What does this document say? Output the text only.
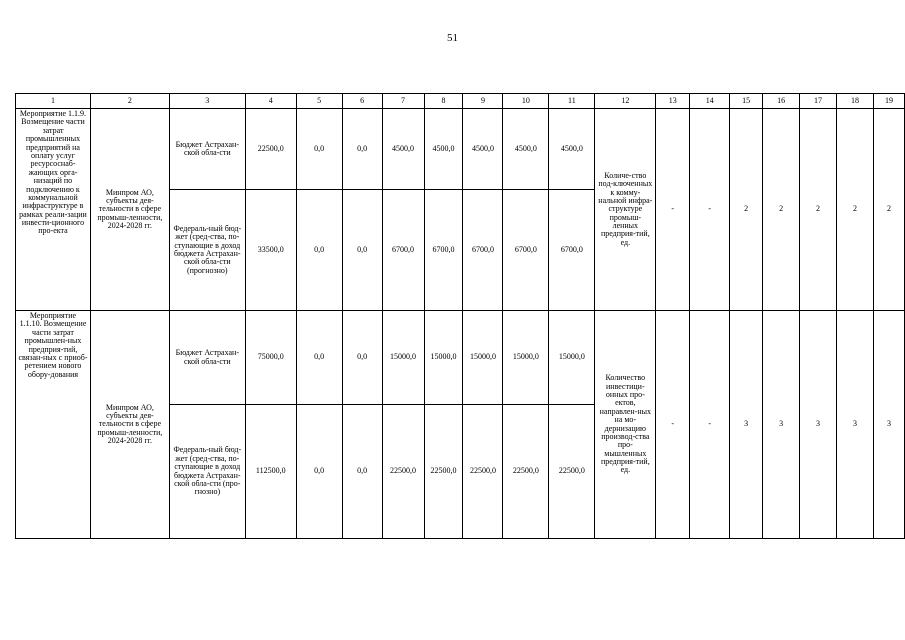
51
1	2	3	4	5	6	7	8	9	10	11	12	13	14	15	16	17	18	19
Мероприятие 1.1.9. Возмещение части затрат промышленных предприятий на оплату услуг ресурсоснаб-жающих орга-низаций по подключению к коммунальной инфраструктуре в рамках реали-зации инвести-ционного про-екта	Минпром АО, субъекты дея-тельности в сфере промыш-ленности, 2024-2028 гг.	Бюджет Астрахан-ской обла-сти	22500,0	0,0	0,0	4500,0	4500,0	4500,0	4500,0	4500,0	Количе-ство под-ключенных к комму-нальной инфра-структуре промыш-ленных предприя-тий, ед.	-	-	2	2	2	2	2
		Федераль-ный бюд-жет (сред-ства, по-ступающие в доход бюджета Астрахан-ской обла-сти (прогнозно)	33500,0	0,0	0,0	6700,0	6700,0	6700,0	6700,0	6700,0								
Мероприятие 1.1.10. Возмещение части затрат промышлен-ных предприя-тий, связан-ных с приоб-ретением нового обору-дования	Минпром АО, субъекты дея-тельности в сфере промыш-ленности, 2024-2028 гг.	Бюджет Астрахан-ской обла-сти	75000,0	0,0	0,0	15000,0	15000,0	15000,0	15000,0	15000,0	Количество инвестици-онных про-ектов, направлен-ных на мо-дернизацию производ-ства про-мышленных предприя-тий, ед.	-	-	3	3	3	3	3
		Федераль-ный бюд-жет (сред-ства, по-ступающие в доход бюджета Астрахан-ской обла-сти (про-гнозно)	112500,0	0,0	0,0	22500,0	22500,0	22500,0	22500,0	22500,0								
